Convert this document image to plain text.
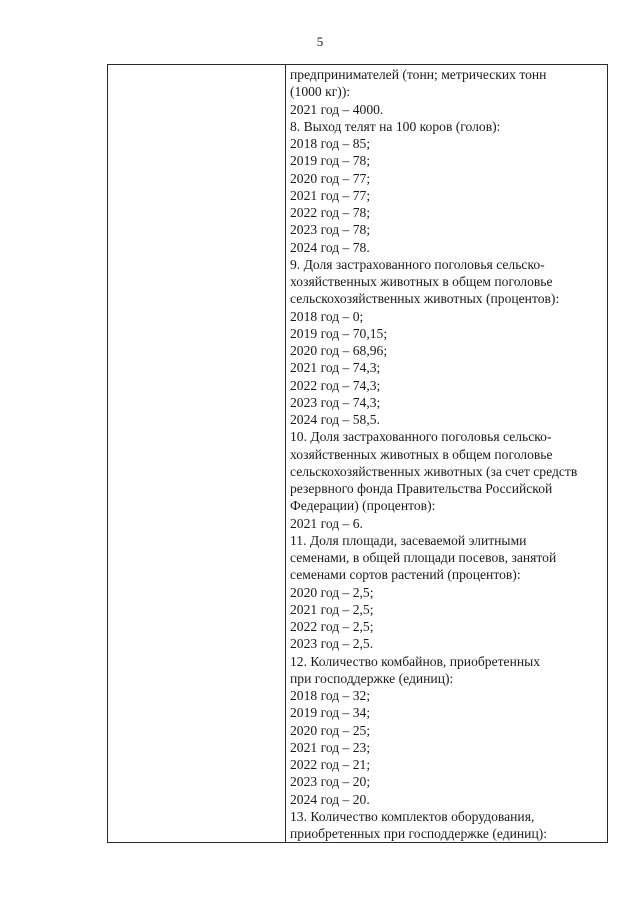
5
предпринимателей (тонн; метрических тонн
(1000 кг)):
2021 год – 4000.
8. Выход телят на 100 коров (голов):
2018 год – 85;
2019 год – 78;
2020 год – 77;
2021 год – 77;
2022 год – 78;
2023 год – 78;
2024 год – 78.
9. Доля застрахованного поголовья сельско-
хозяйственных животных в общем поголовье
сельскохозяйственных животных (процентов):
2018 год – 0;
2019 год – 70,15;
2020 год – 68,96;
2021 год – 74,3;
2022 год – 74,3;
2023 год – 74,3;
2024 год – 58,5.
10. Доля застрахованного поголовья сельско-
хозяйственных животных в общем поголовье
сельскохозяйственных животных (за счет средств
резервного фонда Правительства Российской
Федерации) (процентов):
2021 год – 6.
11. Доля площади, засеваемой элитными
семенами, в общей площади посевов, занятой
семенами сортов растений (процентов):
2020 год – 2,5;
2021 год – 2,5;
2022 год – 2,5;
2023 год – 2,5.
12. Количество комбайнов, приобретенных
при господдержке (единиц):
2018 год – 32;
2019 год – 34;
2020 год – 25;
2021 год – 23;
2022 год – 21;
2023 год – 20;
2024 год – 20.
13. Количество комплектов оборудования,
приобретенных при господдержке (единиц):
